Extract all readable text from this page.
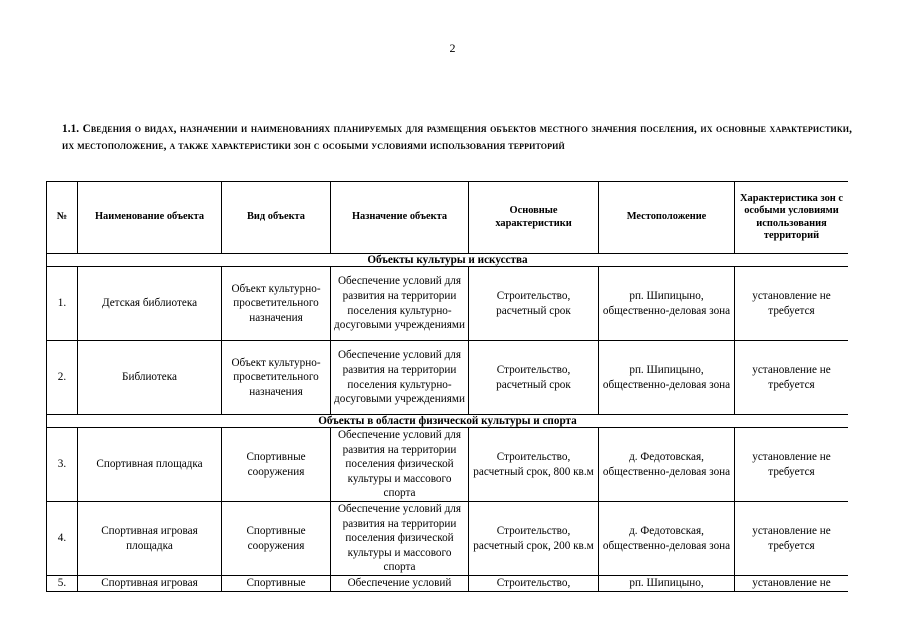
2
1.1. Сведения о видах, назначении и наименованиях планируемых для размещения объектов местного значения поселения, их основные характеристики, их местоположение, а также характеристики зон с особыми условиями использования территорий
№	Наименование объекта	Вид объекта	Назначение объекта	Основные характеристики	Местоположение	Характеристика зон с особыми условиями использования территорий
Объекты культуры и искусства						
1.	Детская библиотека	Объект культурно-просветительного назначения	Обеспечение условий для развития на территории поселения культурно-досуговыми учреждениями	Строительство, расчетный срок	рп. Шипицыно, общественно-деловая зона	установление не требуется
2.	Библиотека	Объект культурно-просветительного назначения	Обеспечение условий для развития на территории поселения культурно-досуговыми учреждениями	Строительство, расчетный срок	рп. Шипицыно, общественно-деловая зона	установление не требуется
Объекты в области физической культуры и спорта						
3.	Спортивная площадка	Спортивные сооружения	Обеспечение условий для развития на территории поселения физической культуры и массового спорта	Строительство, расчетный срок, 800 кв.м	д. Федотовская, общественно-деловая зона	установление не требуется
4.	Спортивная игровая площадка	Спортивные сооружения	Обеспечение условий для развития на территории поселения физической культуры и массового спорта	Строительство, расчетный срок, 200 кв.м	д. Федотовская, общественно-деловая зона	установление не требуется
5.	Спортивная игровая	Спортивные	Обеспечение условий	Строительство,	рп. Шипицыно,	установление не
